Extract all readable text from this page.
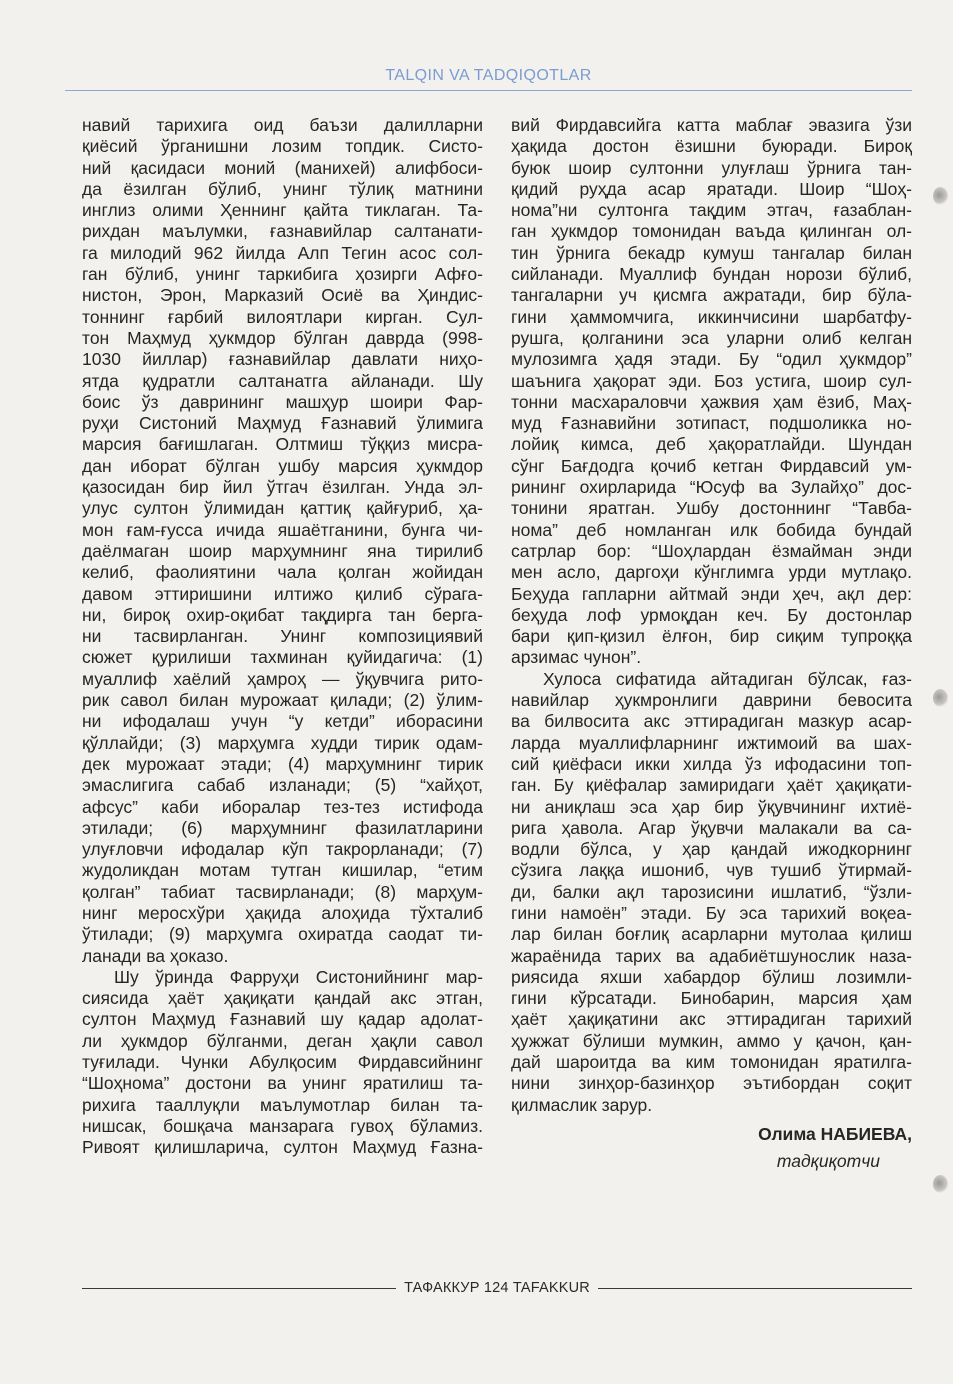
TALQIN VA TADQIQOTLAR
навий тарихига оид баъзи далилларни
қиёсий ўрганишни лозим топдик. Систо-
ний қасидаси моний (манихей) алифбоси-
да ёзилган бўлиб, унинг тўлиқ матнини
инглиз олими Ҳеннинг қайта тиклаган. Та-
рихдан маълумки, ғазнавийлар салтанати-
га милодий 962 йилда Алп Тегин асос сол-
ган бўлиб, унинг таркибига ҳозирги Афғо-
нистон, Эрон, Марказий Осиё ва Ҳиндис-
тоннинг ғарбий вилоятлари кирган. Сул-
тон Маҳмуд ҳукмдор бўлган даврда (998-
1030 йиллар) ғазнавийлар давлати ниҳо-
ятда қудратли салтанатга айланади. Шу
боис ўз даврининг машҳур шоири Фар-
руҳи Систоний Маҳмуд Ғазнавий ўлимига
марсия бағишлаган. Олтмиш тўққиз мисра-
дан иборат бўлган ушбу марсия ҳукмдор
қазосидан бир йил ўтгач ёзилган. Унда эл-
улус султон ўлимидан қаттиқ қайғуриб, ҳа-
мон ғам-ғусса ичида яшаётганини, бунга чи-
даёлмаган шоир марҳумнинг яна тирилиб
келиб, фаолиятини чала қолган жойидан
давом эттиришини илтижо қилиб сўрага-
ни, бироқ охир-оқибат тақдирга тан берга-
ни тасвирланган. Унинг композициявий
сюжет қурилиши тахминан қуйидагича: (1)
муаллиф хаёлий ҳамроҳ — ўқувчига рито-
рик савол билан мурожаат қилади; (2) ўлим-
ни ифодалаш учун “у кетди” иборасини
қўллайди; (3) марҳумга худди тирик одам-
дек мурожаат этади; (4) марҳумнинг тирик
эмаслигига сабаб изланади; (5) “хайҳот,
афсус” каби иборалар тез-тез истифода
этилади; (6) марҳумнинг фазилатларини
улуғловчи ифодалар кўп такрорланади; (7)
жудоликдан мотам тутган кишилар, “етим
қолган” табиат тасвирланади; (8) марҳум-
нинг меросхўри ҳақида алоҳида тўхталиб
ўтилади; (9) марҳумга охиратда саодат ти-
ланади ва ҳоказо.
Шу ўринда Фарруҳи Систонийнинг мар-
сиясида ҳаёт ҳақиқати қандай акс этган,
султон Маҳмуд Ғазнавий шу қадар адолат-
ли ҳукмдор бўлганми, деган ҳақли савол
туғилади. Чунки Абулқосим Фирдавсийнинг
“Шоҳнома” достони ва унинг яратилиш та-
рихига тааллуқли маълумотлар билан та-
нишсак, бошқача манзарага гувоҳ бўламиз.
Ривоят қилишларича, султон Маҳмуд Ғазна-
вий Фирдавсийга катта маблағ эвазига ўзи
ҳақида достон ёзишни буюради. Бироқ
буюк шоир султонни улуғлаш ўрнига тан-
қидий руҳда асар яратади. Шоир “Шоҳ-
нома”ни султонга тақдим этгач, ғазаблан-
ган ҳукмдор томонидан ваъда қилинган ол-
тин ўрнига бекадр кумуш тангалар билан
сийланади. Муаллиф бундан норози бўлиб,
тангаларни уч қисмга ажратади, бир бўла-
гини ҳаммомчига, иккинчисини шарбатфу-
рушга, қолганини эса уларни олиб келган
мулозимга ҳадя этади. Бу “одил ҳукмдор”
шаънига ҳақорат эди. Боз устига, шоир сул-
тонни масхараловчи ҳажвия ҳам ёзиб, Маҳ-
муд Ғазнавийни зотипаст, подшоликка но-
лойиқ кимса, деб ҳақоратлайди. Шундан
сўнг Бағдодга қочиб кетган Фирдавсий ум-
рининг охирларида “Юсуф ва Зулайҳо” дос-
тонини яратган. Ушбу достоннинг “Тавба-
нома” деб номланган илк бобида бундай
сатрлар бор: “Шоҳлардан ёзмайман энди
мен асло, даргоҳи кўнглимга урди мутлақо.
Беҳуда гапларни айтмай энди ҳеч, ақл дер:
беҳуда лоф урмоқдан кеч. Бу достонлар
бари қип-қизил ёлғон, бир сиқим тупроққа
арзимас чунон”.
Хулоса сифатида айтадиган бўлсак, ғаз-
навийлар ҳукмронлиги даврини бевосита
ва билвосита акс эттирадиган мазкур асар-
ларда муаллифларнинг ижтимоий ва шах-
сий қиёфаси икки хилда ўз ифодасини топ-
ган. Бу қиёфалар замиридаги ҳаёт ҳақиқати-
ни аниқлаш эса ҳар бир ўқувчининг ихтиё-
рига ҳавола. Агар ўқувчи малакали ва са-
водли бўлса, у ҳар қандай ижодкорнинг
сўзига лаққа ишониб, чув тушиб ўтирмай-
ди, балки ақл тарозисини ишлатиб, “ўзли-
гини намоён” этади. Бу эса тарихий воқеа-
лар билан боғлиқ асарларни мутолаа қилиш
жараёнида тарих ва адабиётшунослик наза-
риясида яхши хабардор бўлиш лозимли-
гини кўрсатади. Бинобарин, марсия ҳам
ҳаёт ҳақиқатини акс эттирадиган тарихий
ҳужжат бўлиши мумкин, аммо у қачон, қан-
дай шароитда ва ким томонидан яратилга-
нини зинҳор-базинҳор эътибордан соқит
қилмаслик зарур.
Олима НАБИЕВА,
тадқиқотчи
ТАФАККУР 124 TAFAKKUR
